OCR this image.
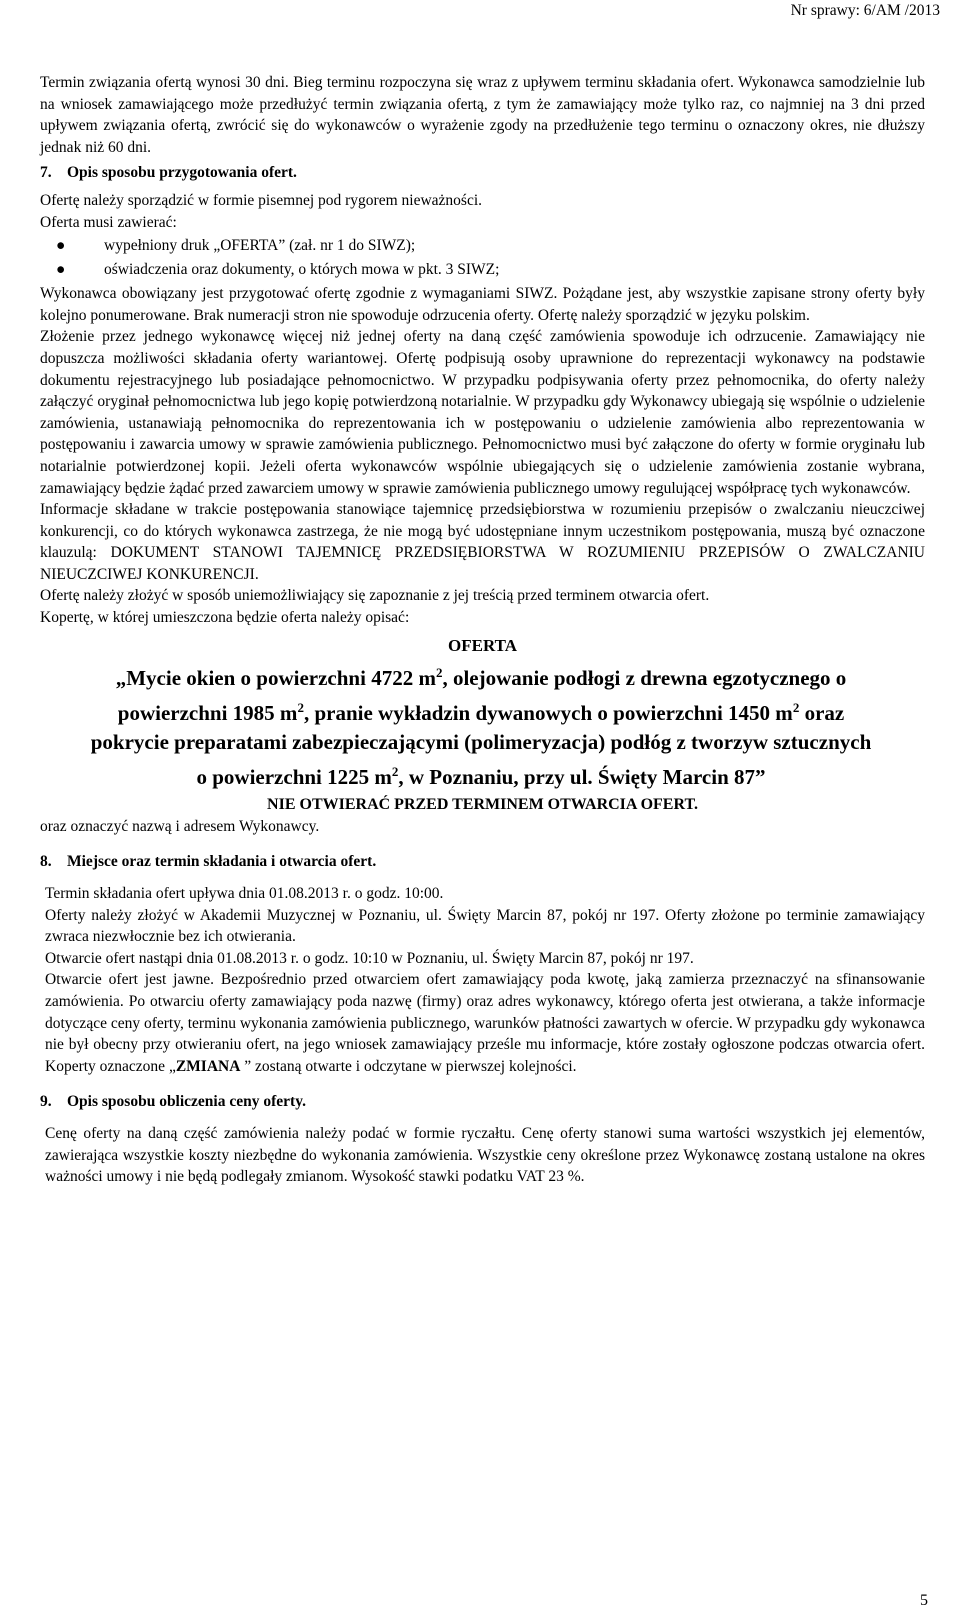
Nr sprawy: 6/AM /2013

Termin związania ofertą wynosi 30 dni. Bieg terminu rozpoczyna się wraz z upływem terminu składania ofert. Wykonawca samodzielnie lub na wniosek zamawiającego może przedłużyć termin związania ofertą, z tym że zamawiający może tylko raz, co najmniej na 3 dni przed upływem związania ofertą, zwrócić się do wykonawców o wyrażenie zgody na przedłużenie tego terminu o oznaczony okres, nie dłuższy jednak niż 60 dni.

7. Opis sposobu przygotowania ofert.

Ofertę należy sporządzić w formie pisemnej pod rygorem nieważności.

Oferta musi zawierać:

● wypełniony druk „OFERTA” (zał. nr 1 do SIWZ);
● oświadczenia oraz dokumenty, o których mowa w pkt. 3 SIWZ;

Wykonawca obowiązany jest przygotować ofertę zgodnie z wymaganiami SIWZ. Pożądane jest, aby wszystkie zapisane strony oferty były kolejno ponumerowane. Brak numeracji stron nie spowoduje odrzucenia oferty. Ofertę należy sporządzić w języku polskim.

Złożenie przez jednego wykonawcę więcej niż jednej oferty na daną część zamówienia spowoduje ich odrzucenie. Zamawiający nie dopuszcza możliwości składania oferty wariantowej. Ofertę podpisują osoby uprawnione do reprezentacji wykonawcy na podstawie dokumentu rejestracyjnego lub posiadające pełnomocnictwo. W przypadku podpisywania oferty przez pełnomocnika, do oferty należy załączyć oryginał pełnomocnictwa lub jego kopię potwierdzoną notarialnie. W przypadku gdy Wykonawcy ubiegają się wspólnie o udzielenie zamówienia, ustanawiają pełnomocnika do reprezentowania ich w postępowaniu o udzielenie zamówienia albo reprezentowania w postępowaniu i zawarcia umowy w sprawie zamówienia publicznego. Pełnomocnictwo musi być załączone do oferty w formie oryginału lub notarialnie potwierdzonej kopii. Jeżeli oferta wykonawców wspólnie ubiegających się o udzielenie zamówienia zostanie wybrana, zamawiający będzie żądać przed zawarciem umowy w sprawie zamówienia publicznego umowy regulującej współpracę tych wykonawców.

Informacje składane w trakcie postępowania stanowiące tajemnicę przedsiębiorstwa w rozumieniu przepisów o zwalczaniu nieuczciwej konkurencji, co do których wykonawca zastrzega, że nie mogą być udostępniane innym uczestnikom postępowania, muszą być oznaczone klauzulą: DOKUMENT STANOWI TAJEMNICĘ PRZEDSIĘBIORSTWA W ROZUMIENIU PRZEPISÓW O ZWALCZANIU NIEUCZCIWEJ KONKURENCJI.

Ofertę należy złożyć w sposób uniemożliwiający się zapoznanie z jej treścią przed terminem otwarcia ofert.

Kopertę, w której umieszczona będzie oferta należy opisać:

OFERTA
„Mycie okien o powierzchni 4722 $m^2$, olejowanie podłogi z drewna egzotycznego o
powierzchni 1985 $m^2$, pranie wykładzin dywanowych o powierzchni 1450 $m^2$ oraz
pokrycie preparatami zabezpieczającymi (polimeryzacja) podłóg z tworzyw sztucznych
o powierzchni 1225 $m^2$, w Poznaniu, przy ul. Święty Marcin 87”
NIE OTWIERAĆ PRZED TERMINEM OTWARCIA OFERT.

oraz oznaczyć nazwą i adresem Wykonawcy.

8. Miejsce oraz termin składania i otwarcia ofert.

Termin składania ofert upływa dnia 01.08.2013 r. o godz. 10:00.

Oferty należy złożyć w Akademii Muzycznej w Poznaniu, ul. Święty Marcin 87, pokój nr 197. Oferty złożone po terminie zamawiający zwraca niezwłocznie bez ich otwierania.

Otwarcie ofert nastąpi dnia 01.08.2013 r. o godz. 10:10 w Poznaniu, ul. Święty Marcin 87, pokój nr 197.

Otwarcie ofert jest jawne. Bezpośrednio przed otwarciem ofert zamawiający poda kwotę, jaką zamierza przeznaczyć na sfinansowanie zamówienia. Po otwarciu oferty zamawiający poda nazwę (firmy) oraz adres wykonawcy, którego oferta jest otwierana, a także informacje dotyczące ceny oferty, terminu wykonania zamówienia publicznego, warunków płatności zawartych w ofercie. W przypadku gdy wykonawca nie był obecny przy otwieraniu ofert, na jego wniosek zamawiający prześle mu informacje, które zostały ogłoszone podczas otwarcia ofert. Koperty oznaczone „ZMIANA ” zostaną otwarte i odczytane w pierwszej kolejności.

9. Opis sposobu obliczenia ceny oferty.

Cenę oferty na daną część zamówienia należy podać w formie ryczałtu. Cenę oferty stanowi suma wartości wszystkich jej elementów, zawierająca wszystkie koszty niezbędne do wykonania zamówienia. Wszystkie ceny określone przez Wykonawcę zostaną ustalone na okres ważności umowy i nie będą podlegały zmianom. Wysokość stawki podatku VAT 23 %.

5
